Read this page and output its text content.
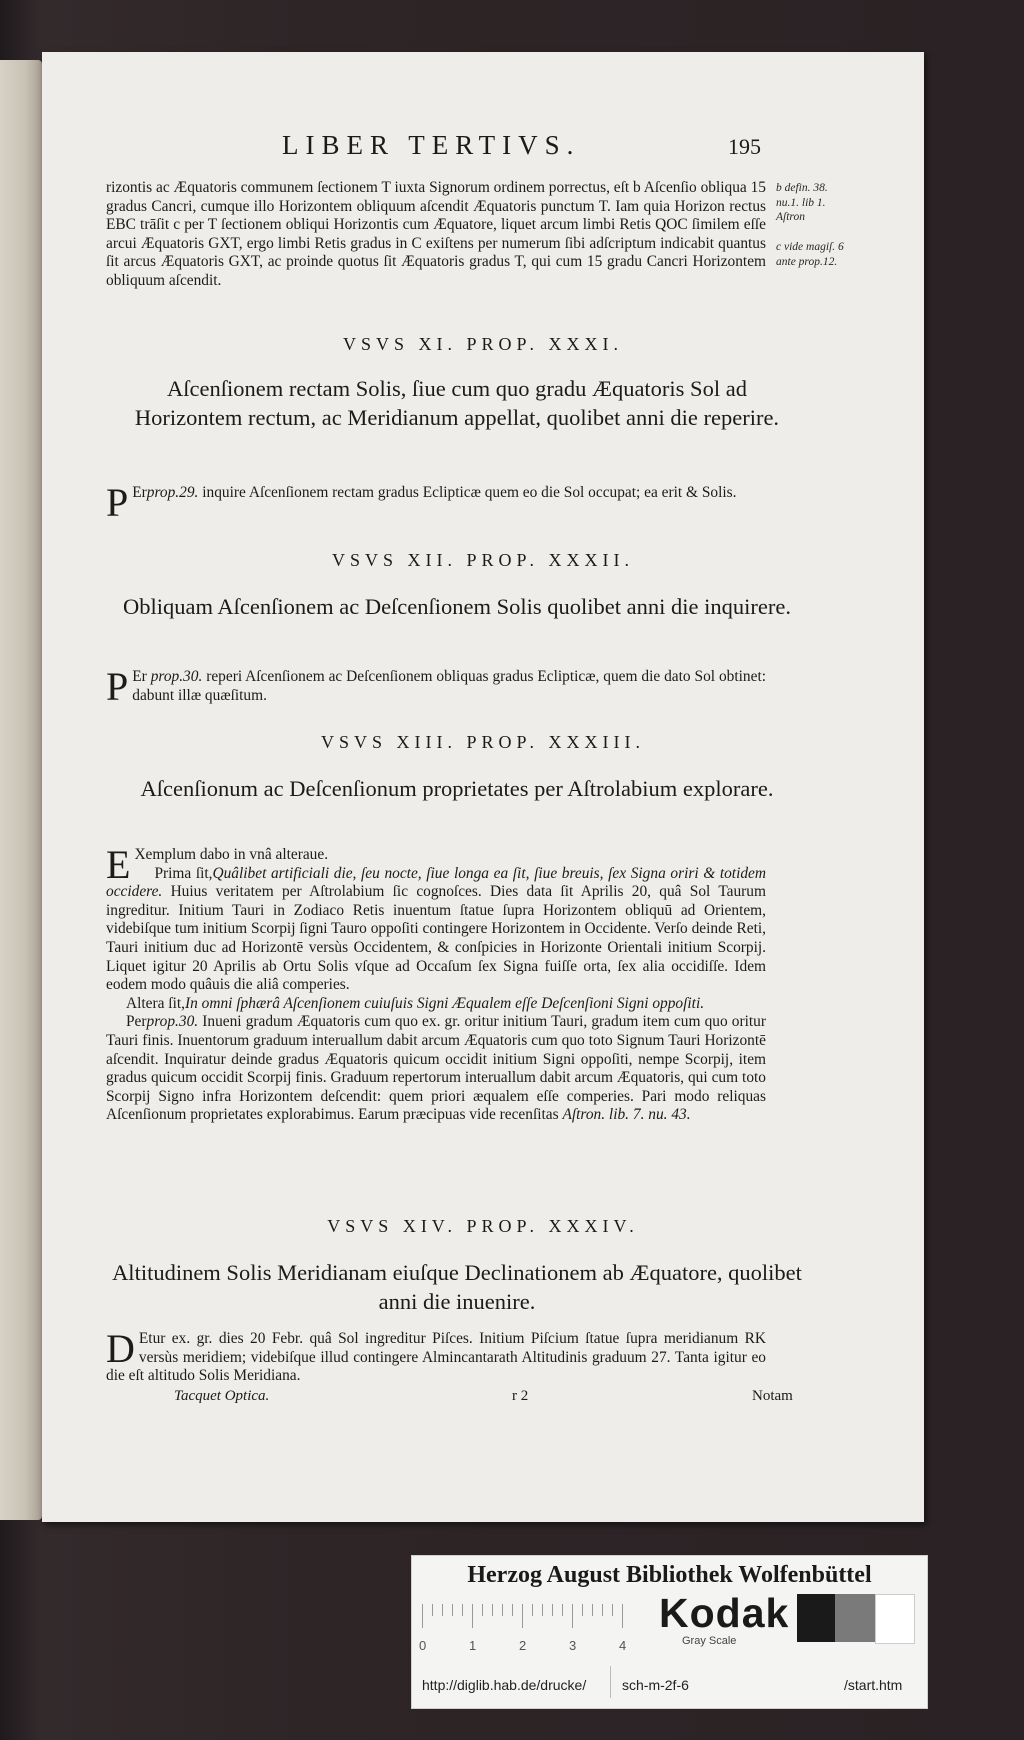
LIBER TERTIVS.	195

rizontis ac Æquatoris communem ſectionem T iuxta Signorum ordinem porrectus, eſt b Aſcenſio obliqua 15 gradus Cancri, cumque illo Horizontem obliquum aſcendit Æquatoris punctum T. Iam quia Horizon rectus EBC trāſit c per T ſectionem obliqui Horizontis cum Æquatore, liquet arcum limbi Retis QOC ſimilem eſſe arcui Æquatoris GXT, ergo limbi Retis gradus in C exiſtens per numerum ſibi adſcriptum indicabit quantus ſit arcus Æquatoris GXT, ac proinde quotus ſit Æquatoris gradus T, qui cum 15 gradu Cancri Horizontem obliquum aſcendit.

b defin. 38. nu.1. lib 1. Aſtron
c vide magiſ. 6 ante prop.12.
VSVS XI. PROP. XXXI.
Aſcenſionem rectam Solis, ſiue cum quo gradu Æquatoris Sol ad Horizontem rectum, ac Meridianum appellat, quolibet anni die reperire.
P Erprop.29. inquire Aſcenſionem rectam gradus Eclipticæ quem eo die Sol occupat; ea erit & Solis.
VSVS XII. PROP. XXXII.
Obliquam Aſcenſionem ac Deſcenſionem Solis quolibet anni die inquirere.
P Er prop.30. reperi Aſcenſionem ac Deſcenſionem obliquas gradus Eclipticæ, quem die dato Sol obtinet: dabunt illæ quæſitum.
VSVS XIII. PROP. XXXIII.
Aſcenſionum ac Deſcenſionum proprietates per Aſtrolabium explorare.

E Xemplum dabo in vnâ alteraue.

Prima ſit,Quâlibet artificiali die, ſeu nocte, ſiue longa ea ſit, ſiue breuis, ſex Signa oriri & totidem occidere. Huius veritatem per Aſtrolabium ſic cognoſces. Dies data ſit Aprilis 20, quâ Sol Taurum ingreditur. Initium Tauri in Zodiaco Retis inuentum ſtatue ſupra Horizontem obliquū ad Orientem, videbiſque tum initium Scorpij ſigni Tauro oppoſiti contingere Horizontem in Occidente. Verſo deinde Reti, Tauri initium duc ad Horizontē versùs Occidentem, & conſpicies in Horizonte Orientali initium Scorpij. Liquet igitur 20 Aprilis ab Ortu Solis vſque ad Occaſum ſex Signa fuiſſe orta, ſex alia occidiſſe. Idem eodem modo quâuis die aliâ comperies.

Altera ſit,In omni ſphærâ Aſcenſionem cuiuſuis Signi Æqualem eſſe Deſcenſioni Signi oppoſiti.

Perprop.30. Inueni gradum Æquatoris cum quo ex. gr. oritur initium Tauri, gradum item cum quo oritur Tauri finis. Inuentorum graduum interuallum dabit arcum Æquatoris cum quo toto Signum Tauri Horizontē aſcendit. Inquiratur deinde gradus Æquatoris quicum occidit initium Signi oppoſiti, nempe Scorpij, item gradus quicum occidit Scorpij finis. Graduum repertorum interuallum dabit arcum Æquatoris, qui cum toto Scorpij Signo infra Horizontem deſcendit: quem priori æqualem eſſe comperies. Pari modo reliquas Aſcenſionum proprietates explorabimus. Earum præcipuas vide recenſitas Aſtron. lib. 7. nu. 43.

VSVS XIV. PROP. XXXIV.
Altitudinem Solis Meridianam eiuſque Declinationem ab Æquatore, quolibet anni die inuenire.
D Etur ex. gr. dies 20 Febr. quâ Sol ingreditur Piſces. Initium Piſcium ſtatue ſupra meridianum RK versùs meridiem; videbiſque illud contingere Almincantarath Altitudinis graduum 27. Tanta igitur eo die eſt altitudo Solis Meridiana.
Tacquet Optica.	r 2	Notam
Herzog August Bibliothek Wolfenbüttel
0	1	2	3	4
Kodak
Gray Scale
http://diglib.hab.de/drucke/	sch-m-2f-6	/start.htm
